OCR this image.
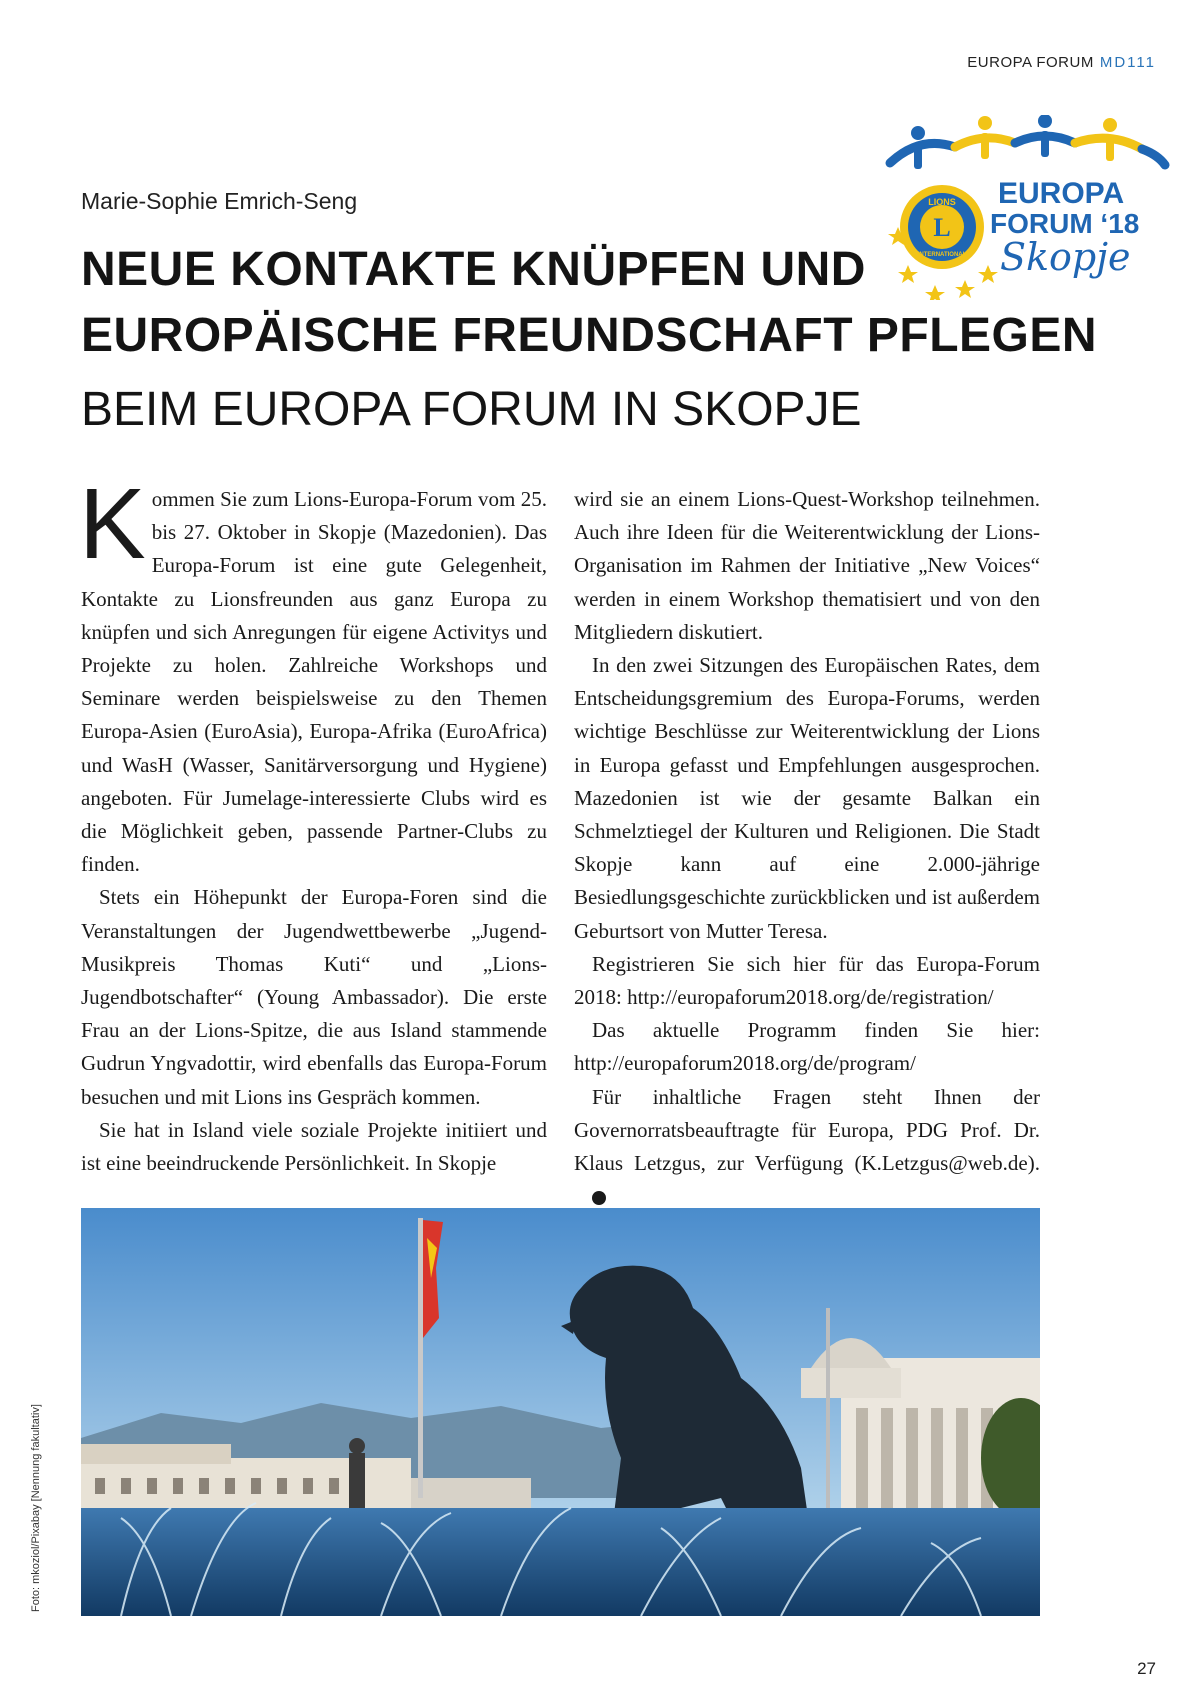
EUROPA FORUM MD111
L
LIONS
INTERNATIONAL
EUROPA
FORUM ‘18
Skopje
Marie-Sophie Emrich-Seng
NEUE KONTAKTE KNÜPFEN UND
EUROPÄISCHE FREUNDSCHAFT PFLEGEN
BEIM EUROPA FORUM IN SKOPJE

Kommen Sie zum Lions-Europa-Forum vom 25. bis 27. Oktober in Skopje (Mazedonien). Das Europa-Forum ist eine gute Gelegenheit, Kontakte zu Lionsfreunden aus ganz Europa zu knüpfen und sich Anregungen für eigene Activitys und Projekte zu holen. Zahlreiche Workshops und Seminare werden beispielsweise zu den Themen Europa-Asien (EuroAsia), Europa-Afrika (EuroAfrica) und WasH (Wasser, Sanitärversorgung und Hygiene) angeboten. Für Jumelage-interessierte Clubs wird es die Möglichkeit geben, passende Partner-Clubs zu finden.

Stets ein Höhepunkt der Europa-Foren sind die Veranstaltungen der Jugendwettbewerbe „Jugend-Musikpreis Thomas Kuti“ und „Lions-Jugendbotschafter“ (Young Ambassador). Die erste Frau an der Lions-Spitze, die aus Island stammende Gudrun Yngvadottir, wird ebenfalls das Europa-Forum besuchen und mit Lions ins Gespräch kommen.

Sie hat in Island viele soziale Projekte initiiert und ist eine beeindruckende Persönlichkeit. In Skopje

wird sie an einem Lions-Quest-Workshop teilnehmen. Auch ihre Ideen für die Weiterentwicklung der Lions-Organisation im Rahmen der Initiative „New Voices“ werden in einem Workshop thematisiert und von den Mitgliedern diskutiert.

In den zwei Sitzungen des Europäischen Rates, dem Entscheidungsgremium des Europa-Forums, werden wichtige Beschlüsse zur Weiterentwicklung der Lions in Europa gefasst und Empfehlungen ausgesprochen. Mazedonien ist wie der gesamte Balkan ein Schmelztiegel der Kulturen und Religionen. Die Stadt Skopje kann auf eine 2.000-jährige Besiedlungsgeschichte zurückblicken und ist außerdem Geburtsort von Mutter Teresa.

Registrieren Sie sich hier für das Europa-Forum 2018: http://europaforum2018.org/de/registration/

Das aktuelle Programm finden Sie hier: http://europaforum2018.org/de/program/

Für inhaltliche Fragen steht Ihnen der Governorratsbeauftragte für Europa, PDG Prof. Dr. Klaus Letzgus, zur Verfügung (K.Letzgus@web.de).L

Foto: mkoziol/Pixabay [Nennung fakultativ]
27
